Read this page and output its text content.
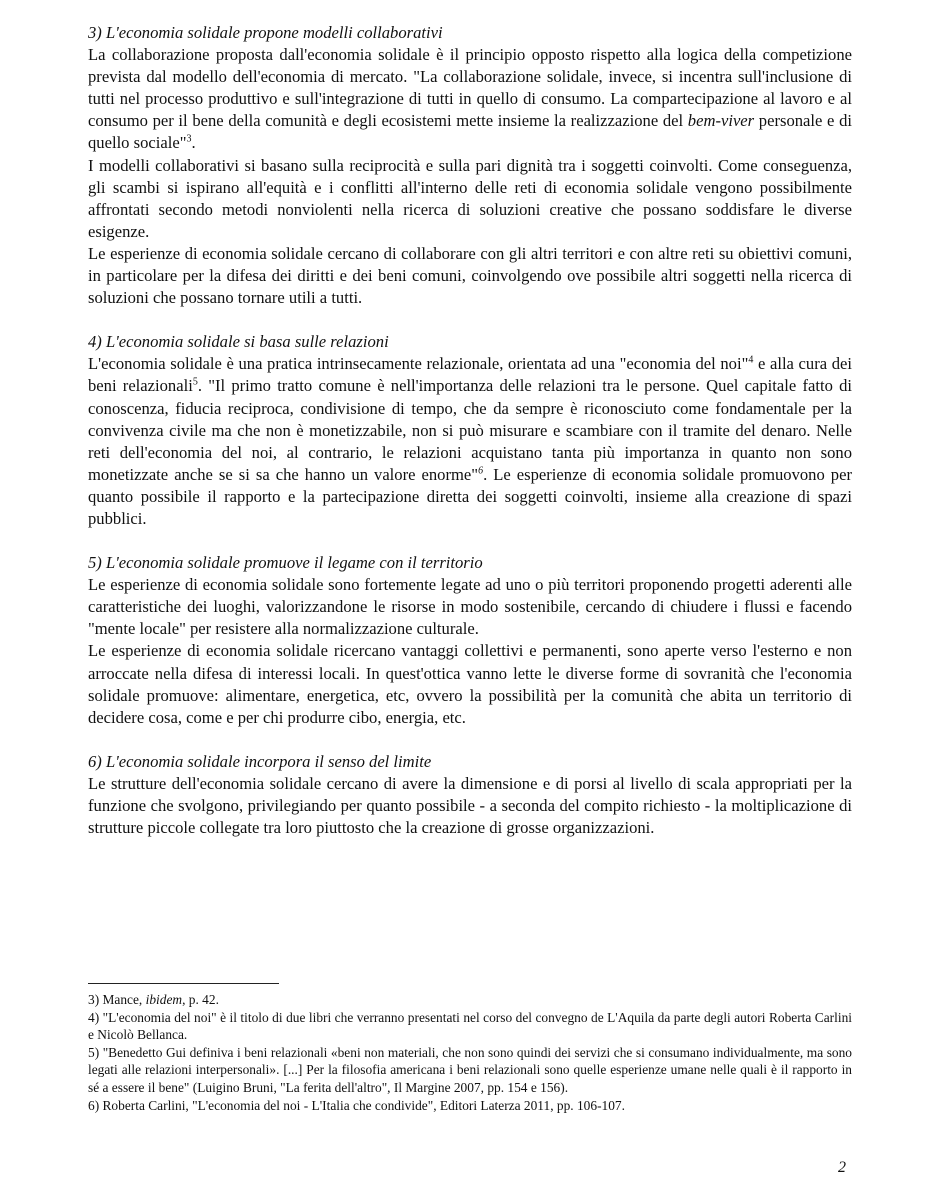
3) L'economia solidale propone modelli collaborativi

La collaborazione proposta dall'economia solidale è il principio opposto rispetto alla logica della competizione prevista dal modello dell'economia di mercato. "La collaborazione solidale, invece, si incentra sull'inclusione di tutti nel processo produttivo e sull'integrazione di tutti in quello di consumo. La compartecipazione al lavoro e al consumo per il bene della comunità e degli ecosistemi mette insieme la realizzazione del bem-viver personale e di quello sociale"$^3$.

I modelli collaborativi si basano sulla reciprocità e sulla pari dignità tra i soggetti coinvolti. Come conseguenza, gli scambi si ispirano all'equità e i conflitti all'interno delle reti di economia solidale vengono possibilmente affrontati secondo metodi nonviolenti nella ricerca di soluzioni creative che possano soddisfare le diverse esigenze.

Le esperienze di economia solidale cercano di collaborare con gli altri territori e con altre reti su obiettivi comuni, in particolare per la difesa dei diritti e dei beni comuni, coinvolgendo ove possibile altri soggetti nella ricerca di soluzioni che possano tornare utili a tutti.

4) L'economia solidale si basa sulle relazioni

L'economia solidale è una pratica intrinsecamente relazionale, orientata ad una "economia del noi"$^4$ e alla cura dei beni relazionali$^5$. "Il primo tratto comune è nell'importanza delle relazioni tra le persone. Quel capitale fatto di conoscenza, fiducia reciproca, condivisione di tempo, che da sempre è riconosciuto come fondamentale per la convivenza civile ma che non è monetizzabile, non si può misurare e scambiare con il tramite del denaro. Nelle reti dell'economia del noi, al contrario, le relazioni acquistano tanta più importanza in quanto non sono monetizzate anche se si sa che hanno un valore enorme"$^6$. Le esperienze di economia solidale promuovono per quanto possibile il rapporto e la partecipazione diretta dei soggetti coinvolti, insieme alla creazione di spazi pubblici.

5) L'economia solidale promuove il legame con il territorio

Le esperienze di economia solidale sono fortemente legate ad uno o più territori proponendo progetti aderenti alle caratteristiche dei luoghi, valorizzandone le risorse in modo sostenibile, cercando di chiudere i flussi e facendo "mente locale" per resistere alla normalizzazione culturale.

Le esperienze di economia solidale ricercano vantaggi collettivi e permanenti, sono aperte verso l'esterno e non arroccate nella difesa di interessi locali. In quest'ottica vanno lette le diverse forme di sovranità che l'economia solidale promuove: alimentare, energetica, etc, ovvero la possibilità per la comunità che abita un territorio di decidere cosa, come e per chi produrre cibo, energia, etc.

6) L'economia solidale incorpora il senso del limite

Le strutture dell'economia solidale cercano di avere la dimensione e di porsi al livello di scala appropriati per la funzione che svolgono, privilegiando per quanto possibile - a seconda del compito richiesto - la moltiplicazione di strutture piccole collegate tra loro piuttosto che la creazione di grosse organizzazioni.

3) Mance, ibidem, p. 42.

4) "L'economia del noi" è il titolo di due libri che verranno presentati nel corso del convegno de L'Aquila da parte degli autori Roberta Carlini e Nicolò Bellanca.

5) "Benedetto Gui definiva i beni relazionali «beni non materiali, che non sono quindi dei servizi che si consumano individualmente, ma sono legati alle relazioni interpersonali». [...] Per la filosofia americana i beni relazionali sono quelle esperienze umane nelle quali è il rapporto in sé a essere il bene" (Luigino Bruni, "La ferita dell'altro", Il Margine 2007, pp. 154 e 156).

6) Roberta Carlini, "L'economia del noi - L'Italia che condivide", Editori Laterza 2011, pp. 106-107.

2
